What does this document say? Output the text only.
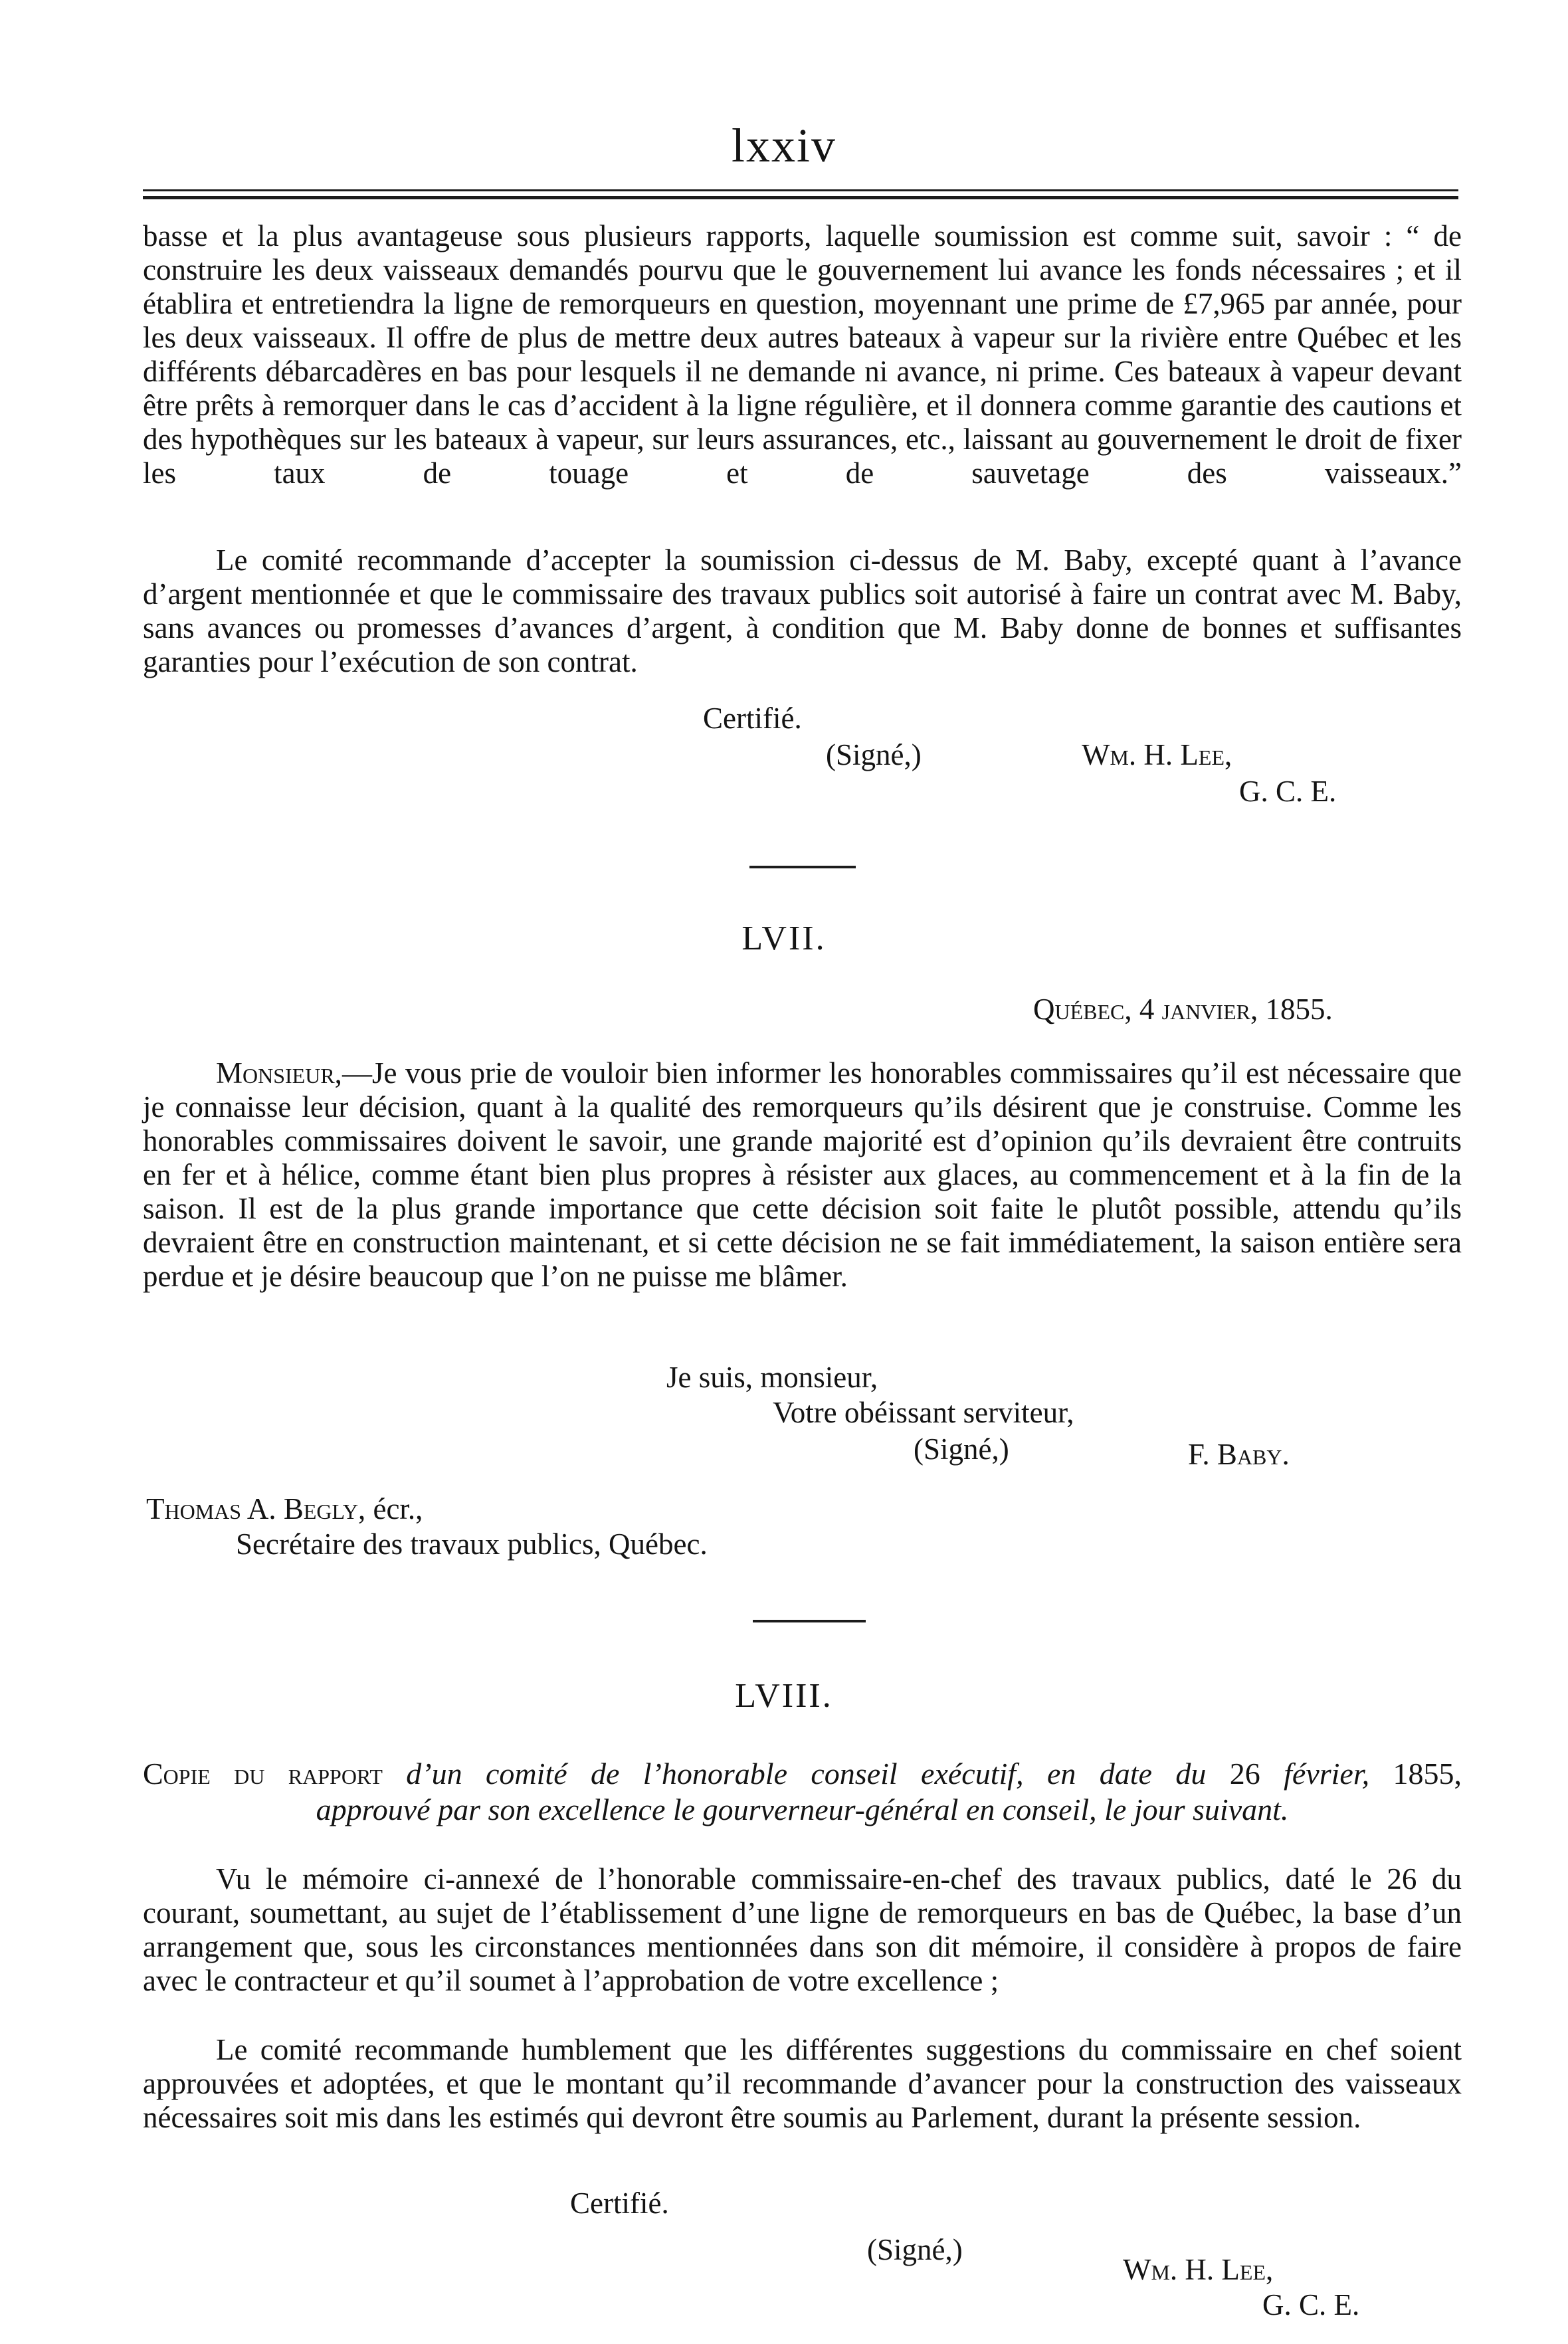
lxxiv
basse et la plus avantageuse sous plusieurs rapports, laquelle soumission est comme suit, savoir : “ de construire les deux vaisseaux demandés pourvu que le gouvernement lui avance les fonds nécessaires ; et il établira et entretiendra la ligne de remorqueurs en question, moyennant une prime de £7,965 par année, pour les deux vaisseaux. Il offre de plus de mettre deux autres bateaux à vapeur sur la rivière entre Québec et les différents débarcadères en bas pour lesquels il ne demande ni avance, ni prime. Ces bateaux à vapeur devant être prêts à remorquer dans le cas d’accident à la ligne régulière, et il donnera comme garantie des cautions et des hypothèques sur les bateaux à vapeur, sur leurs assurances, etc., laissant au gouvernement le droit de fixer les taux de touage et de sauvetage des vaisseaux.”
Le comité recommande d’accepter la soumission ci-dessus de M. Baby, excepté quant à l’avance d’argent mentionnée et que le commissaire des travaux publics soit autorisé à faire un contrat avec M. Baby, sans avances ou promesses d’avances d’argent, à condition que M. Baby donne de bonnes et suffisantes garanties pour l’exécution de son contrat.
Certifié.
(Signé,)	Wm. H. Lee,
G. C. E.
LVII.
Québec, 4 janvier, 1855.
Monsieur,—Je vous prie de vouloir bien informer les honorables commissaires qu’il est nécessaire que je connaisse leur décision, quant à la qualité des remorqueurs qu’ils désirent que je construise. Comme les honorables commissaires doivent le savoir, une grande majorité est d’opinion qu’ils devraient être contruits en fer et à hélice, comme étant bien plus propres à résister aux glaces, au commencement et à la fin de la saison. Il est de la plus grande importance que cette décision soit faite le plutôt possible, attendu qu’ils devraient être en construction maintenant, et si cette décision ne se fait immédiatement, la saison entière sera perdue et je désire beaucoup que l’on ne puisse me blâmer.
Je suis, monsieur,
Votre obéissant serviteur,
(Signé,)	F. Baby.
Thomas A. Begly, écr.,
Secrétaire des travaux publics, Québec.
LVIII.
Copie du rapport d’un comité de l’honorable conseil exécutif, en date du 26 février, 1855,
approuvé par son excellence le gourverneur-général en conseil, le jour suivant.
Vu le mémoire ci-annexé de l’honorable commissaire-en-chef des travaux publics, daté le 26 du courant, soumettant, au sujet de l’établissement d’une ligne de remorqueurs en bas de Québec, la base d’un arrangement que, sous les circonstances mentionnées dans son dit mémoire, il considère à propos de faire avec le contracteur et qu’il soumet à l’approbation de votre excellence ;
Le comité recommande humblement que les différentes suggestions du commissaire en chef soient approuvées et adoptées, et que le montant qu’il recommande d’avancer pour la construction des vaisseaux nécessaires soit mis dans les estimés qui devront être soumis au Parlement, durant la présente session.
Certifié.
(Signé,)
Wm. H. Lee,
G. C. E.
